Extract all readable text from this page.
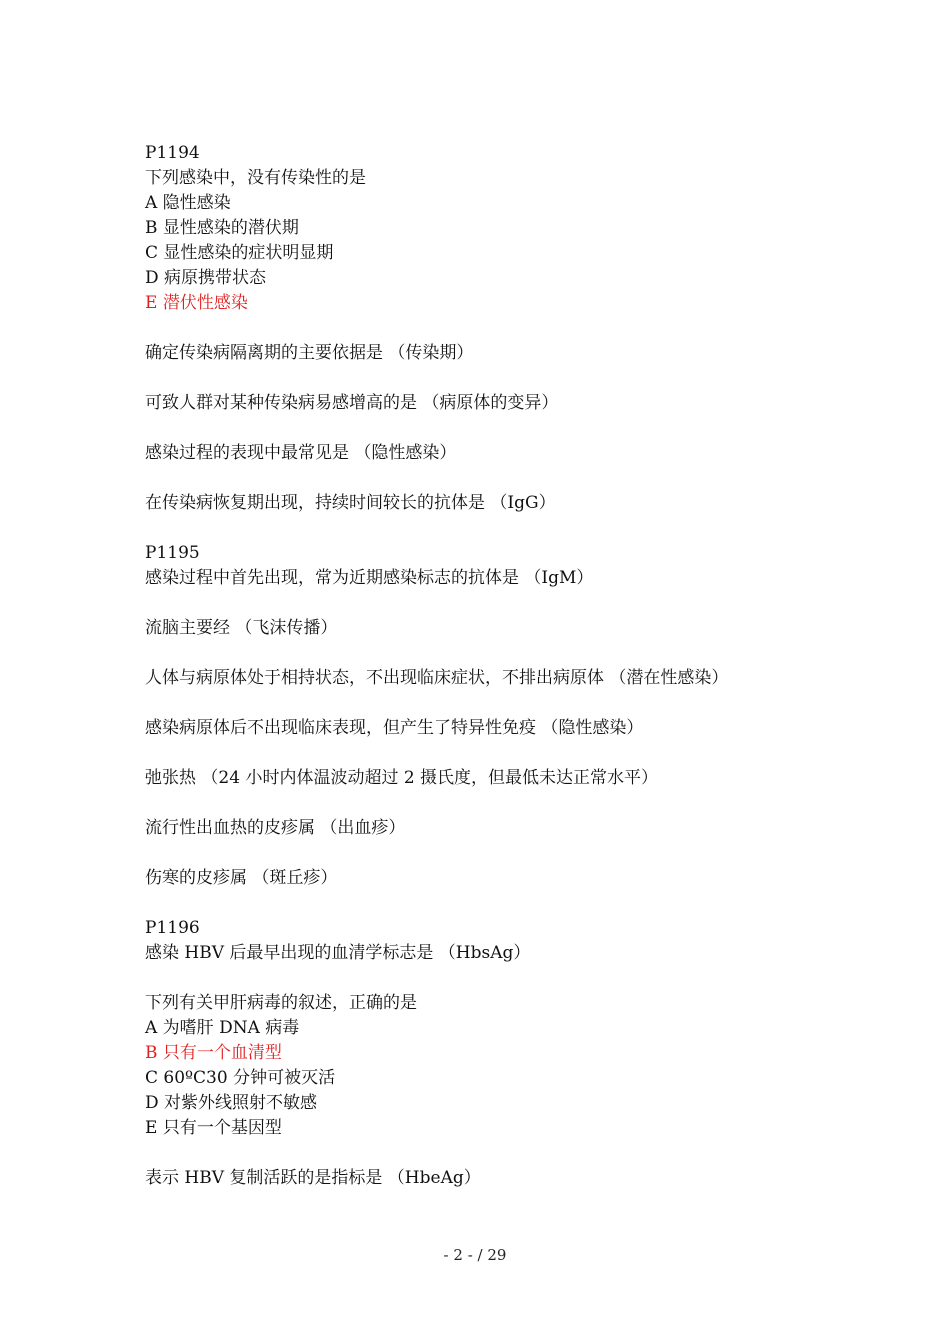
P1194
下列感染中，没有传染性的是
A 隐性感染
B 显性感染的潜伏期
C 显性感染的症状明显期
D 病原携带状态
E 潜伏性感染
确定传染病隔离期的主要依据是 （传染期）
可致人群对某种传染病易感增高的是 （病原体的变异）
感染过程的表现中最常见是 （隐性感染）
在传染病恢复期出现，持续时间较长的抗体是 （IgG）
P1195
感染过程中首先出现，常为近期感染标志的抗体是 （IgM）
流脑主要经 （飞沫传播）
人体与病原体处于相持状态，不出现临床症状，不排出病原体 （潜在性感染）
感染病原体后不出现临床表现，但产生了特异性免疫 （隐性感染）
弛张热 （24 小时内体温波动超过 2 摄氏度，但最低未达正常水平）
流行性出血热的皮疹属 （出血疹）
伤寒的皮疹属 （斑丘疹）
P1196
感染 HBV 后最早出现的血清学标志是 （HbsAg）
下列有关甲肝病毒的叙述，正确的是
A 为嗜肝 DNA 病毒
B 只有一个血清型
C 60ºC30 分钟可被灭活
D 对紫外线照射不敏感
E 只有一个基因型
表示 HBV 复制活跃的是指标是 （HbeAg）
- 2 - / 29
